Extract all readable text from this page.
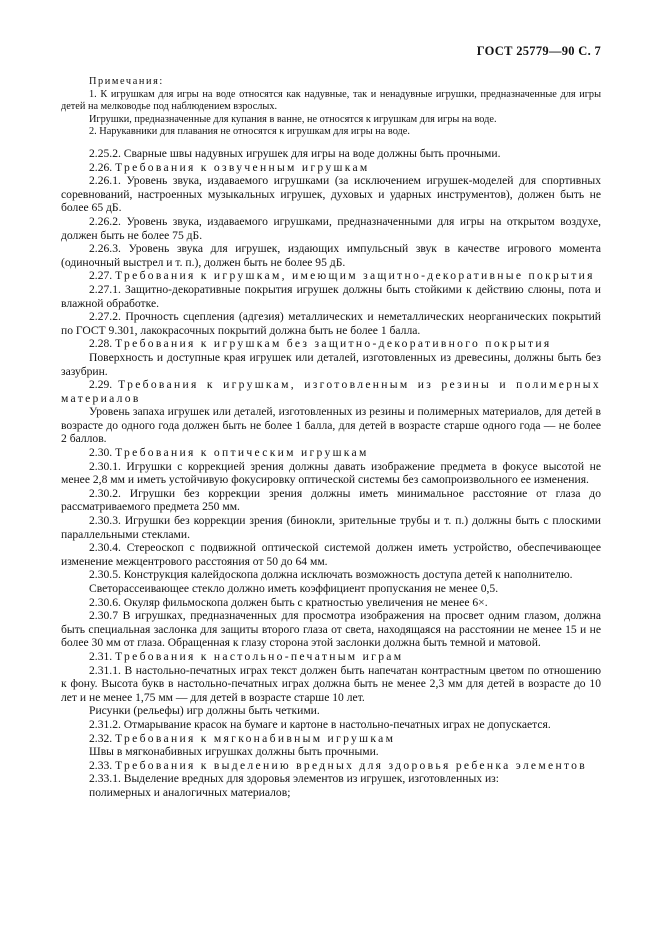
ГОСТ 25779—90 С. 7

Примечания:

1. К игрушкам для игры на воде относятся как надувные, так и ненадувные игрушки, предназначенные для игры детей на мелководье под наблюдением взрослых.

Игрушки, предназначенные для купания в ванне, не относятся к игрушкам для игры на воде.

2. Нарукавники для плавания не относятся к игрушкам для игры на воде.

2.25.2. Сварные швы надувных игрушек для игры на воде должны быть прочными.

2.26. Требования к озвученным игрушкам

2.26.1. Уровень звука, издаваемого игрушками (за исключением игрушек-моделей для спортивных соревнований, настроенных музыкальных игрушек, духовых и ударных инструментов), должен быть не более 65 дБ.

2.26.2. Уровень звука, издаваемого игрушками, предназначенными для игры на открытом воздухе, должен быть не более 75 дБ.

2.26.3. Уровень звука для игрушек, издающих импульсный звук в качестве игрового момента (одиночный выстрел и т. п.), должен быть не более 95 дБ.

2.27. Требования к игрушкам, имеющим защитно-декоративные покрытия

2.27.1. Защитно-декоративные покрытия игрушек должны быть стойкими к действию слюны, пота и влажной обработке.

2.27.2. Прочность сцепления (адгезия) металлических и неметаллических неорганических покрытий по ГОСТ 9.301, лакокрасочных покрытий должна быть не более 1 балла.

2.28. Требования к игрушкам без защитно-декоративного покрытия

Поверхность и доступные края игрушек или деталей, изготовленных из древесины, должны быть без зазубрин.

2.29. Требования к игрушкам, изготовленным из резины и полимерных материалов

Уровень запаха игрушек или деталей, изготовленных из резины и полимерных материалов, для детей в возрасте до одного года должен быть не более 1 балла, для детей в возрасте старше одного года — не более 2 баллов.

2.30. Требования к оптическим игрушкам

2.30.1. Игрушки с коррекцией зрения должны давать изображение предмета в фокусе высотой не менее 2,8 мм и иметь устойчивую фокусировку оптической системы без самопроизвольного ее изменения.

2.30.2. Игрушки без коррекции зрения должны иметь минимальное расстояние от глаза до рассматриваемого предмета 250 мм.

2.30.3. Игрушки без коррекции зрения (бинокли, зрительные трубы и т. п.) должны быть с плоскими параллельными стеклами.

2.30.4. Стереоскоп с подвижной оптической системой должен иметь устройство, обеспечивающее изменение межцентрового расстояния от 50 до 64 мм.

2.30.5. Конструкция калейдоскопа должна исключать возможность доступа детей к наполнителю.

Светорассеивающее стекло должно иметь коэффициент пропускания не менее 0,5.

2.30.6. Окуляр фильмоскопа должен быть с кратностью увеличения не менее 6×.

2.30.7 В игрушках, предназначенных для просмотра изображения на просвет одним глазом, должна быть специальная заслонка для защиты второго глаза от света, находящаяся на расстоянии не менее 15 и не более 30 мм от глаза. Обращенная к глазу сторона этой заслонки должна быть темной и матовой.

2.31. Требования к настольно-печатным играм

2.31.1. В настольно-печатных играх текст должен быть напечатан контрастным цветом по отношению к фону. Высота букв в настольно-печатных играх должна быть не менее 2,3 мм для детей в возрасте до 10 лет и не менее 1,75 мм — для детей в возрасте старше 10 лет.

Рисунки (рельефы) игр должны быть четкими.

2.31.2. Отмарывание красок на бумаге и картоне в настольно-печатных играх не допускается.

2.32. Требования к мягконабивным игрушкам

Швы в мягконабивных игрушках должны быть прочными.

2.33. Требования к выделению вредных для здоровья ребенка элементов

2.33.1. Выделение вредных для здоровья элементов из игрушек, изготовленных из:

полимерных и аналогичных материалов;
